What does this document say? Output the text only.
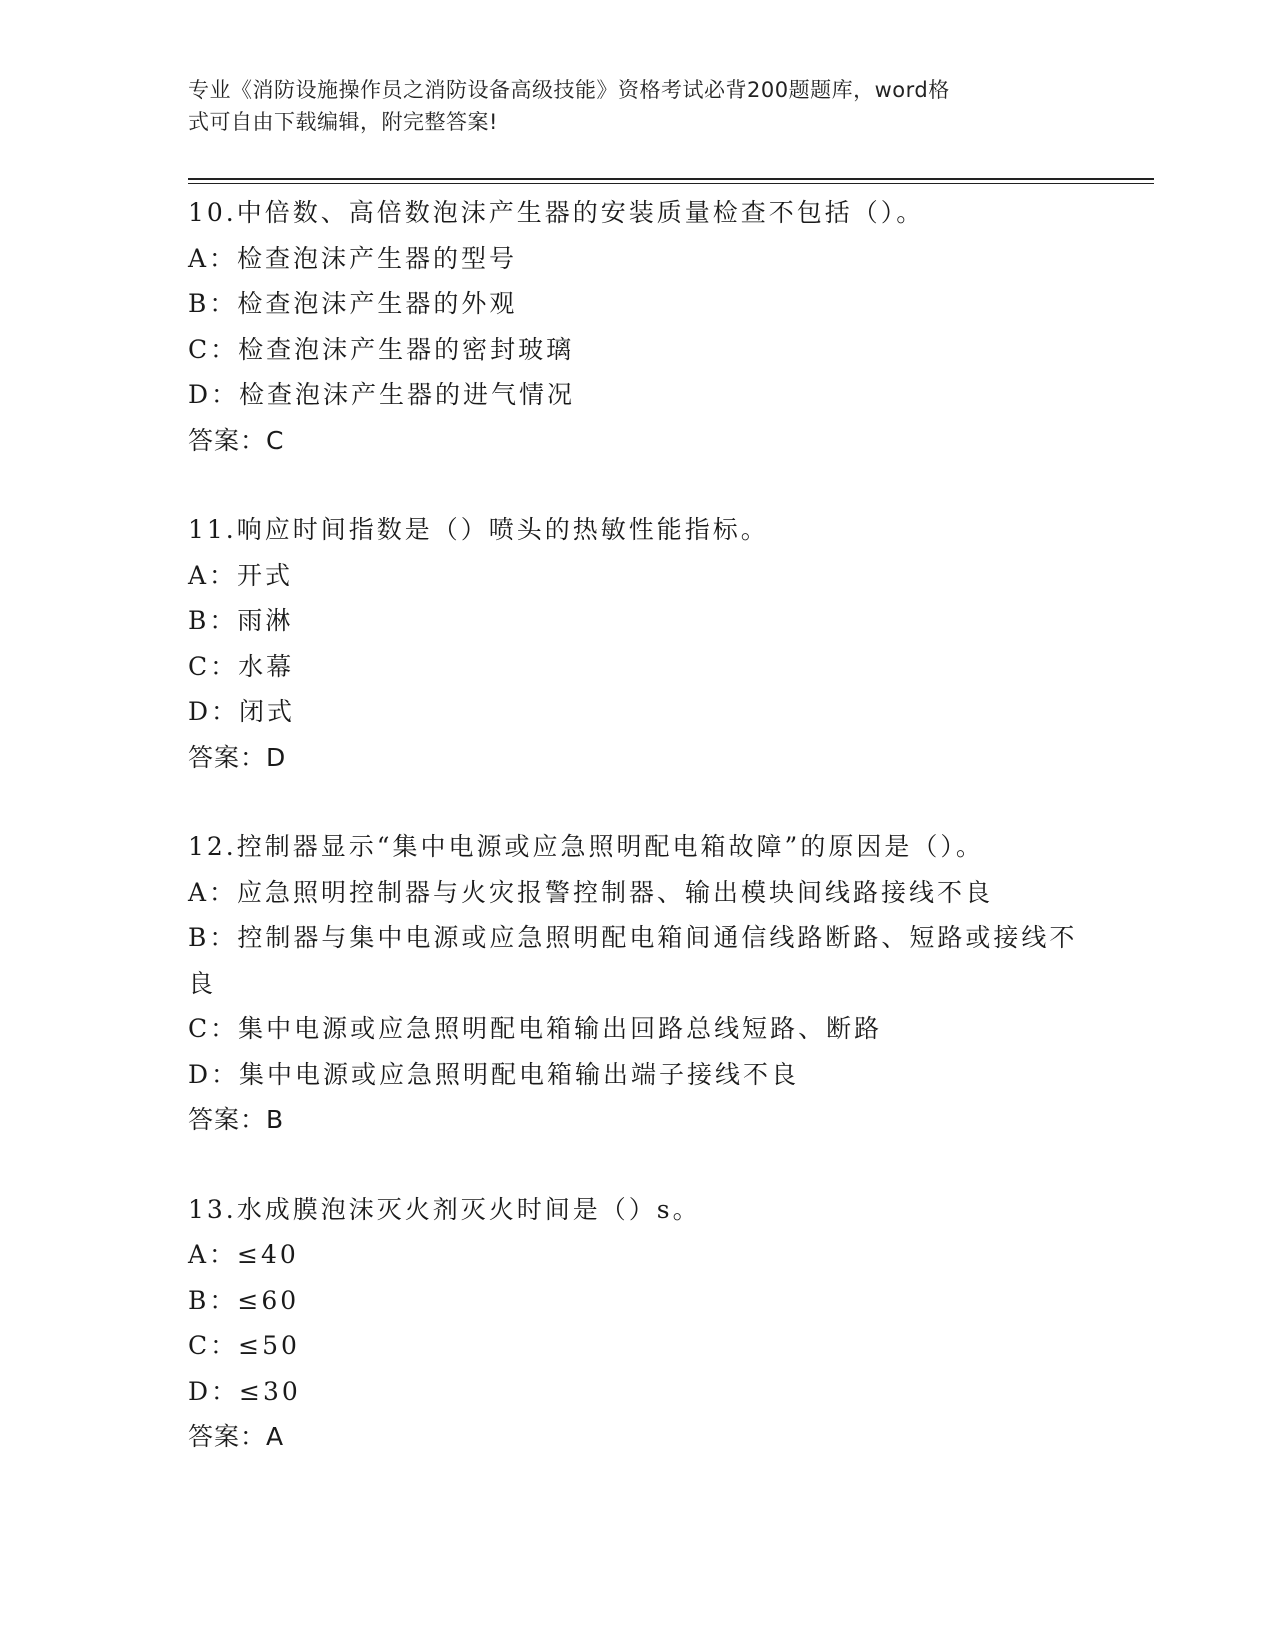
专业《消防设施操作员之消防设备高级技能》资格考试必背200题题库，word格
式可自由下载编辑，附完整答案!
10.中倍数、高倍数泡沫产生器的安装质量检查不包括（）。
A：检查泡沫产生器的型号
B：检查泡沫产生器的外观
C：检查泡沫产生器的密封玻璃
D：检查泡沫产生器的进气情况
答案：C
11.响应时间指数是（）喷头的热敏性能指标。
A：开式
B：雨淋
C：水幕
D：闭式
答案：D
12.控制器显示“集中电源或应急照明配电箱故障”的原因是（）。
A：应急照明控制器与火灾报警控制器、输出模块间线路接线不良
B：控制器与集中电源或应急照明配电箱间通信线路断路、短路或接线不良
C：集中电源或应急照明配电箱输出回路总线短路、断路
D：集中电源或应急照明配电箱输出端子接线不良
答案：B
13.水成膜泡沫灭火剂灭火时间是（）s。
A：≤40
B：≤60
C：≤50
D：≤30
答案：A
